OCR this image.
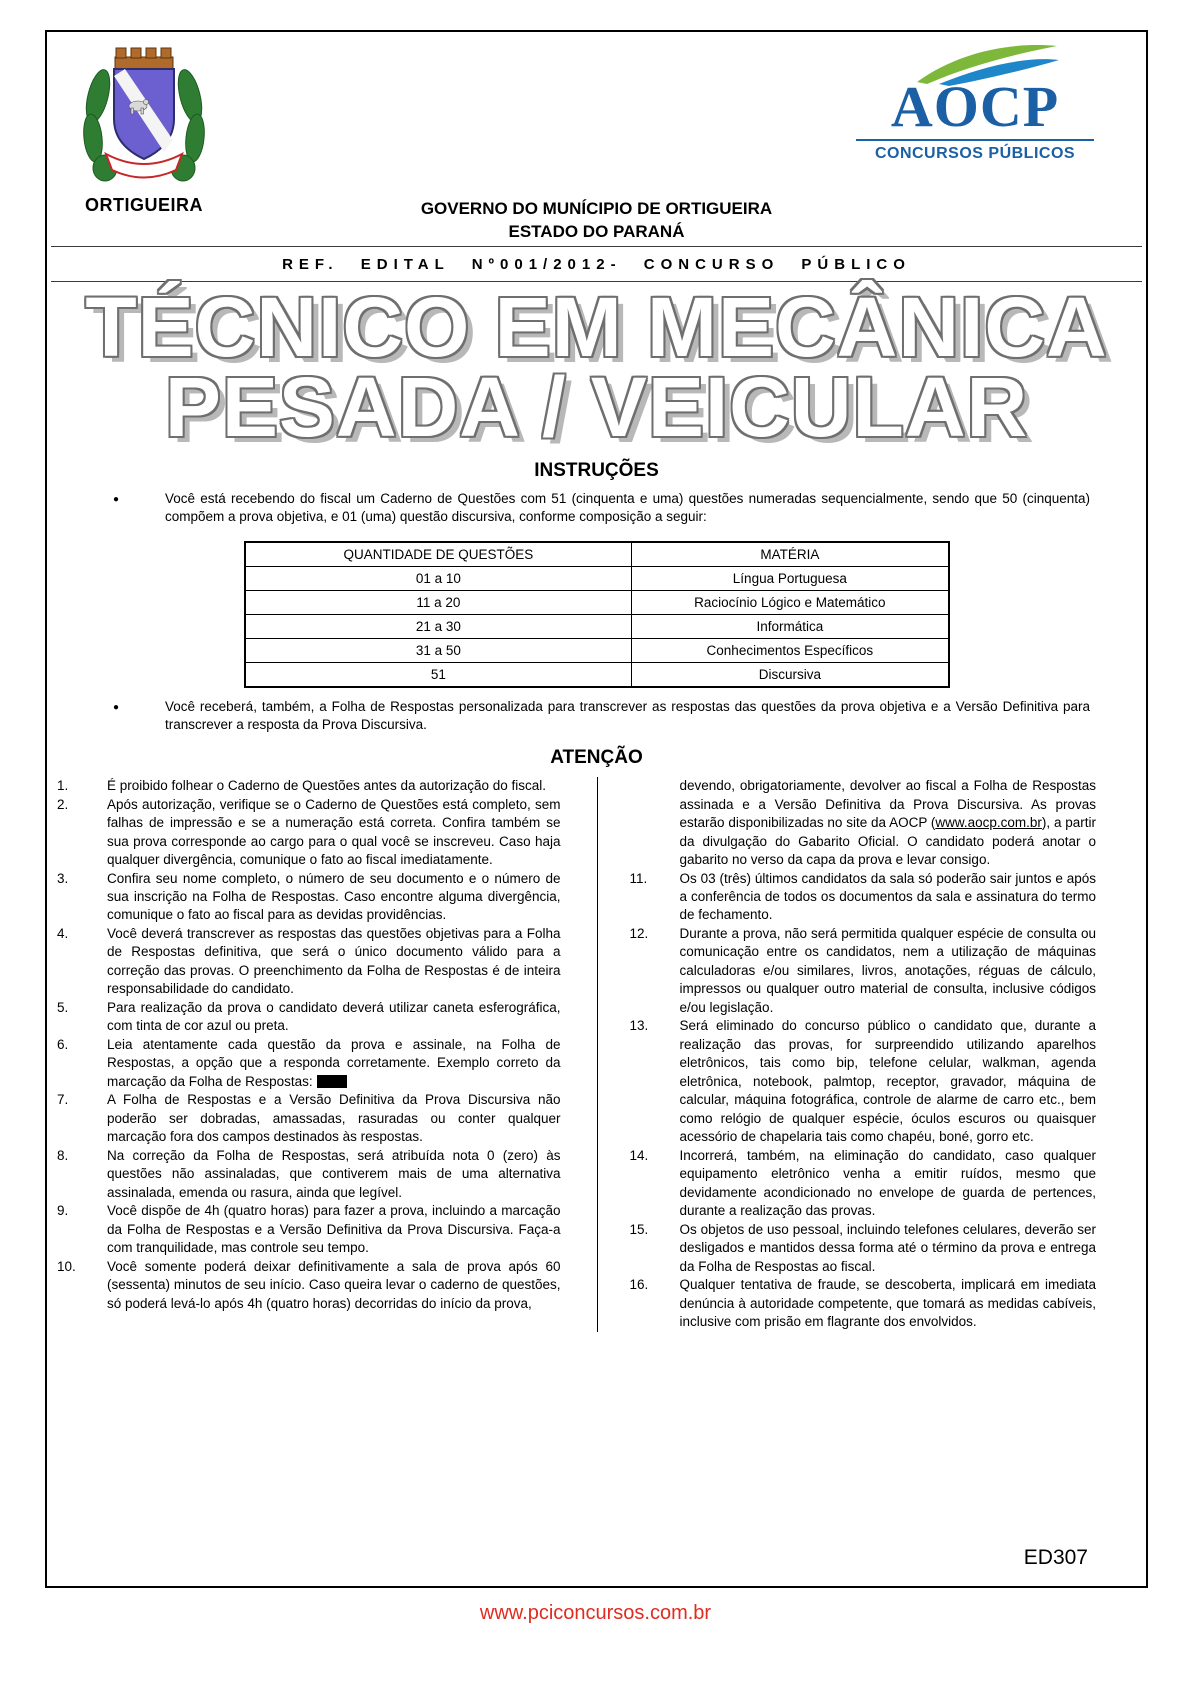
ORTIGUEIRA
AOCP
CONCURSOS PÚBLICOS
GOVERNO DO MUNÍCIPIO DE ORTIGUEIRA
ESTADO DO PARANÁ
REF. EDITAL Nº001/2012- CONCURSO PÚBLICO
TÉCNICO EM MECÂNICA
PESADA / VEICULAR
INSTRUÇÕES
●	Você está recebendo do fiscal um Caderno de Questões com 51 (cinquenta e uma) questões numeradas sequencialmente, sendo que 50 (cinquenta) compõem a prova objetiva, e 01 (uma) questão discursiva, conforme composição a seguir:
QUANTIDADE DE QUESTÕES	MATÉRIA
01 a 10	Língua Portuguesa
11 a 20	Raciocínio Lógico e Matemático
21 a 30	Informática
31 a 50	Conhecimentos Específicos
51	Discursiva
●	Você receberá, também, a Folha de Respostas personalizada para transcrever as respostas das questões da prova objetiva e a Versão Definitiva para transcrever a resposta da Prova Discursiva.
ATENÇÃO
1.	É proibido folhear o Caderno de Questões antes da autorização do fiscal.
2.	Após autorização, verifique se o Caderno de Questões está completo, sem falhas de impressão e se a numeração está correta. Confira também se sua prova corresponde ao cargo para o qual você se inscreveu. Caso haja qualquer divergência, comunique o fato ao fiscal imediatamente.
3.	Confira seu nome completo, o número de seu documento e o número de sua inscrição na Folha de Respostas. Caso encontre alguma divergência, comunique o fato ao fiscal para as devidas providências.
4.	Você deverá transcrever as respostas das questões objetivas para a Folha de Respostas definitiva, que será o único documento válido para a correção das provas. O preenchimento da Folha de Respostas é de inteira responsabilidade do candidato.
5.	Para realização da prova o candidato deverá utilizar caneta esferográfica, com tinta de cor azul ou preta.
6.	Leia atentamente cada questão da prova e assinale, na Folha de Respostas, a opção que a responda corretamente. Exemplo correto da marcação da Folha de Respostas:
7.	A Folha de Respostas e a Versão Definitiva da Prova Discursiva não poderão ser dobradas, amassadas, rasuradas ou conter qualquer marcação fora dos campos destinados às respostas.
8.	Na correção da Folha de Respostas, será atribuída nota 0 (zero) às questões não assinaladas, que contiverem mais de uma alternativa assinalada, emenda ou rasura, ainda que legível.
9.	Você dispõe de 4h (quatro horas) para fazer a prova, incluindo a marcação da Folha de Respostas e a Versão Definitiva da Prova Discursiva. Faça-a com tranquilidade, mas controle seu tempo.
10.	Você somente poderá deixar definitivamente a sala de prova após 60 (sessenta) minutos de seu início. Caso queira levar o caderno de questões, só poderá levá-lo após 4h (quatro horas) decorridas do início da prova,
devendo, obrigatoriamente, devolver ao fiscal a Folha de Respostas assinada e a Versão Definitiva da Prova Discursiva. As provas estarão disponibilizadas no site da AOCP (www.aocp.com.br), a partir da divulgação do Gabarito Oficial. O candidato poderá anotar o gabarito no verso da capa da prova e levar consigo.
11.	Os 03 (três) últimos candidatos da sala só poderão sair juntos e após a conferência de todos os documentos da sala e assinatura do termo de fechamento.
12.	Durante a prova, não será permitida qualquer espécie de consulta ou comunicação entre os candidatos, nem a utilização de máquinas calculadoras e/ou similares, livros, anotações, réguas de cálculo, impressos ou qualquer outro material de consulta, inclusive códigos e/ou legislação.
13.	Será eliminado do concurso público o candidato que, durante a realização das provas, for surpreendido utilizando aparelhos eletrônicos, tais como bip, telefone celular, walkman, agenda eletrônica, notebook, palmtop, receptor, gravador, máquina de calcular, máquina fotográfica, controle de alarme de carro etc., bem como relógio de qualquer espécie, óculos escuros ou quaisquer acessório de chapelaria tais como chapéu, boné, gorro etc.
14.	Incorrerá, também, na eliminação do candidato, caso qualquer equipamento eletrônico venha a emitir ruídos, mesmo que devidamente acondicionado no envelope de guarda de pertences, durante a realização das provas.
15.	Os objetos de uso pessoal, incluindo telefones celulares, deverão ser desligados e mantidos dessa forma até o término da prova e entrega da Folha de Respostas ao fiscal.
16.	Qualquer tentativa de fraude, se descoberta, implicará em imediata denúncia à autoridade competente, que tomará as medidas cabíveis, inclusive com prisão em flagrante dos envolvidos.
ED307
www.pciconcursos.com.br
